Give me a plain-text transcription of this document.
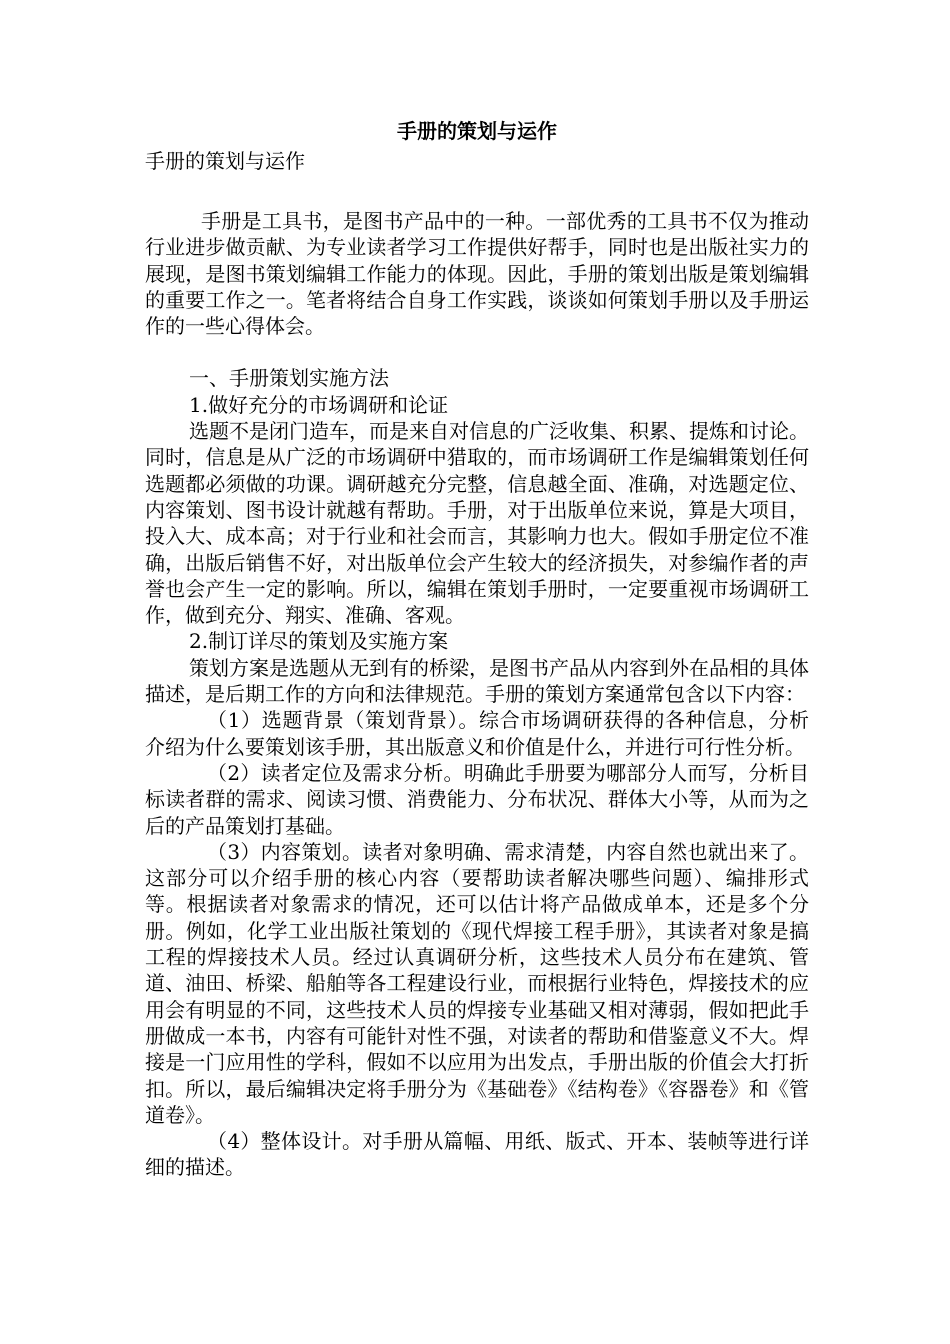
手册的策划与运作

手册的策划与运作

手册是工具书，是图书产品中的一种。一部优秀的工具书不仅为推动行业进步做贡献、为专业读者学习工作提供好帮手，同时也是出版社实力的展现，是图书策划编辑工作能力的体现。因此，手册的策划出版是策划编辑的重要工作之一。笔者将结合自身工作实践，谈谈如何策划手册以及手册运作的一些心得体会。

一、手册策划实施方法

1.做好充分的市场调研和论证

选题不是闭门造车，而是来自对信息的广泛收集、积累、提炼和讨论。同时，信息是从广泛的市场调研中猎取的，而市场调研工作是编辑策划任何选题都必须做的功课。调研越充分完整，信息越全面、准确，对选题定位、内容策划、图书设计就越有帮助。手册，对于出版单位来说，算是大项目，投入大、成本高；对于行业和社会而言，其影响力也大。假如手册定位不准确，出版后销售不好，对出版单位会产生较大的经济损失，对参编作者的声誉也会产生一定的影响。所以，编辑在策划手册时，一定要重视市场调研工作，做到充分、翔实、准确、客观。

2.制订详尽的策划及实施方案

策划方案是选题从无到有的桥梁，是图书产品从内容到外在品相的具体描述，是后期工作的方向和法律规范。手册的策划方案通常包含以下内容：

（1）选题背景（策划背景）。综合市场调研获得的各种信息，分析介绍为什么要策划该手册，其出版意义和价值是什么，并进行可行性分析。

（2）读者定位及需求分析。明确此手册要为哪部分人而写，分析目标读者群的需求、阅读习惯、消费能力、分布状况、群体大小等，从而为之后的产品策划打基础。

（3）内容策划。读者对象明确、需求清楚，内容自然也就出来了。这部分可以介绍手册的核心内容（要帮助读者解决哪些问题）、编排形式等。根据读者对象需求的情况，还可以估计将产品做成单本，还是多个分册。例如，化学工业出版社策划的《现代焊接工程手册》，其读者对象是搞工程的焊接技术人员。经过认真调研分析，这些技术人员分布在建筑、管道、油田、桥梁、船舶等各工程建设行业，而根据行业特色，焊接技术的应用会有明显的不同，这些技术人员的焊接专业基础又相对薄弱，假如把此手册做成一本书，内容有可能针对性不强，对读者的帮助和借鉴意义不大。焊接是一门应用性的学科，假如不以应用为出发点，手册出版的价值会大打折扣。所以，最后编辑决定将手册分为《基础卷》《结构卷》《容器卷》和《管道卷》。

（4）整体设计。对手册从篇幅、用纸、版式、开本、装帧等进行详细的描述。
